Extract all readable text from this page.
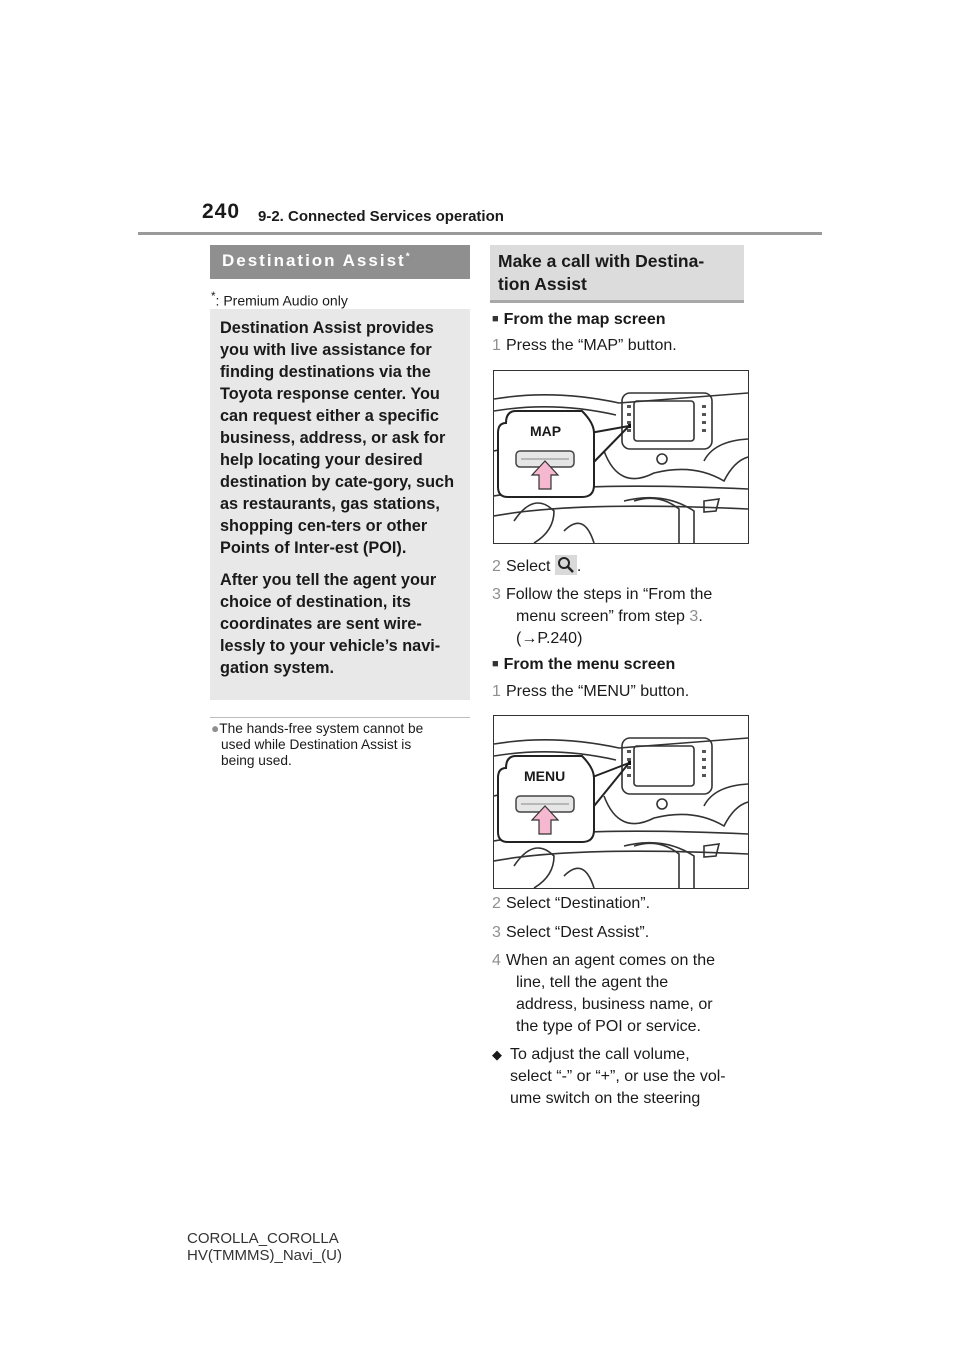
240 9-2. Connected Services operation
Destination Assist*
*: Premium Audio only

Destination Assist provides you with live assistance for finding destinations via the Toyota response center. You can request either a specific business, address, or ask for help locating your desired destination by cate-gory, such as restaurants, gas stations, shopping cen-ters or other Points of Inter-est (POI).

After you tell the agent your choice of destination, its coordinates are sent wire-lessly to your vehicle’s navi-gation system.

●The hands-free system cannot be
used while Destination Assist is
being used.
Make a call with Destina-
tion Assist
■ From the map screen
1 Press the “MAP” button.
MAP
2 Select .
3 Follow the steps in “From the
menu screen” from step 3.
(→P.240)
■ From the menu screen
1 Press the “MENU” button.
MENU
2 Select “Destination”.
3 Select “Dest Assist”.
4 When an agent comes on the
line, tell the agent the
address, business name, or
the type of POI or service.
◆ To adjust the call volume,
select “-” or “+”, or use the vol-
ume switch on the steering
COROLLA_COROLLA
HV(TMMMS)_Navi_(U)
